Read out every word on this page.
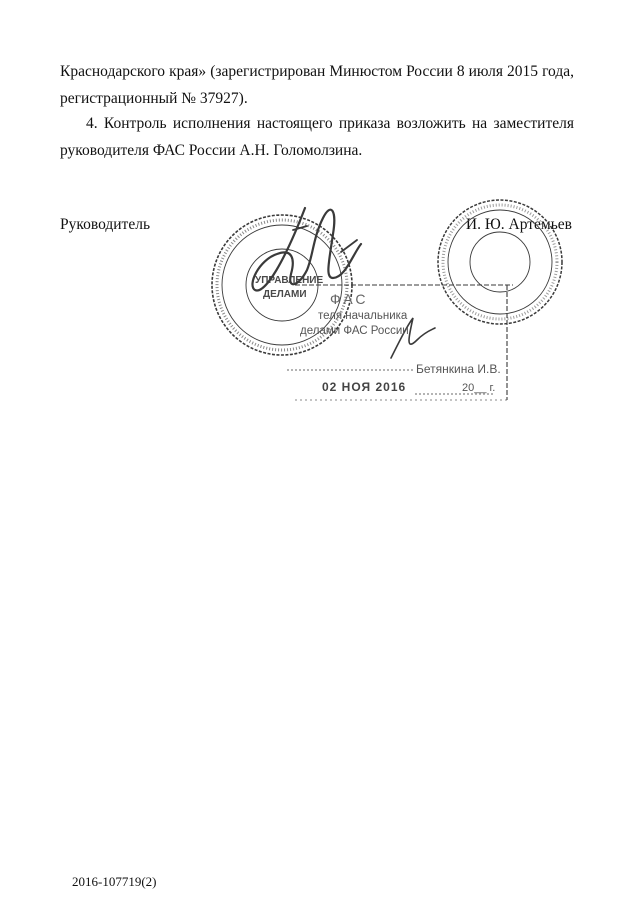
Краснодарского края» (зарегистрирован Минюстом России 8 июля 2015 года, регистрационный № 37927).

4. Контроль исполнения настоящего приказа возложить на заместителя руководителя ФАС России А.Н. Голомолзина.

Руководитель	И. Ю. Артемьев
УПРАВЛЕНИЕ
ДЕЛАМИ ФАС
теля начальника
делами ФАС России
Бетянкина И.В.
02 НОЯ 2016	20__ г.
2016-107719(2)
